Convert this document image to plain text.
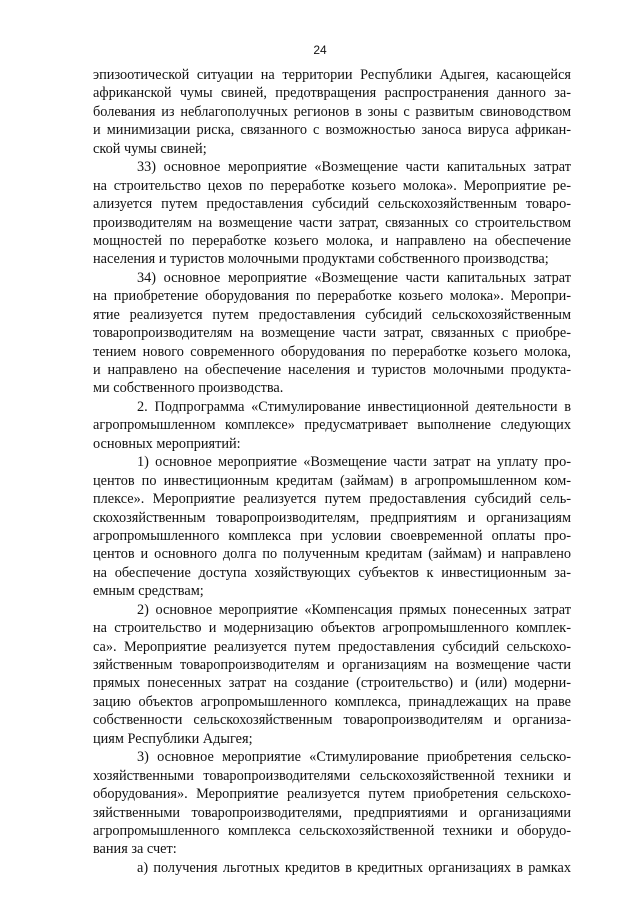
24
эпизоотической ситуации на территории Республики Адыгея, касающейся
африканской чумы свиней, предотвращения распространения данного за-
болевания из неблагополучных регионов в зоны с развитым свиноводством
и минимизации риска, связанного с возможностью заноса вируса африкан-
ской чумы свиней;
33) основное мероприятие «Возмещение части капитальных затрат
на строительство цехов по переработке козьего молока». Мероприятие ре-
ализуется путем предоставления субсидий сельскохозяйственным товаро-
производителям на возмещение части затрат, связанных со строительством
мощностей по переработке козьего молока, и направлено на обеспечение
населения и туристов молочными продуктами собственного производства;
34) основное мероприятие «Возмещение части капитальных затрат
на приобретение оборудования по переработке козьего молока». Меропри-
ятие реализуется путем предоставления субсидий сельскохозяйственным
товаропроизводителям на возмещение части затрат, связанных с приобре-
тением нового современного оборудования по переработке козьего молока,
и направлено на обеспечение населения и туристов молочными продукта-
ми собственного производства.
2. Подпрограмма «Стимулирование инвестиционной деятельности в
агропромышленном комплексе» предусматривает выполнение следующих
основных мероприятий:
1) основное мероприятие «Возмещение части затрат на уплату про-
центов по инвестиционным кредитам (займам) в агропромышленном ком-
плексе». Мероприятие реализуется путем предоставления субсидий сель-
скохозяйственным товаропроизводителям, предприятиям и организациям
агропромышленного комплекса при условии своевременной оплаты про-
центов и основного долга по полученным кредитам (займам) и направлено
на обеспечение доступа хозяйствующих субъектов к инвестиционным за-
емным средствам;
2) основное мероприятие «Компенсация прямых понесенных затрат
на строительство и модернизацию объектов агропромышленного комплек-
са». Мероприятие реализуется путем предоставления субсидий сельскохо-
зяйственным товаропроизводителям и организациям на возмещение части
прямых понесенных затрат на создание (строительство) и (или) модерни-
зацию объектов агропромышленного комплекса, принадлежащих на праве
собственности сельскохозяйственным товаропроизводителям и организа-
циям Республики Адыгея;
3) основное мероприятие «Стимулирование приобретения сельско-
хозяйственными товаропроизводителями сельскохозяйственной техники и
оборудования». Мероприятие реализуется путем приобретения сельскохо-
зяйственными товаропроизводителями, предприятиями и организациями
агропромышленного комплекса сельскохозяйственной техники и оборудо-
вания за счет:
а) получения льготных кредитов в кредитных организациях в рамках
